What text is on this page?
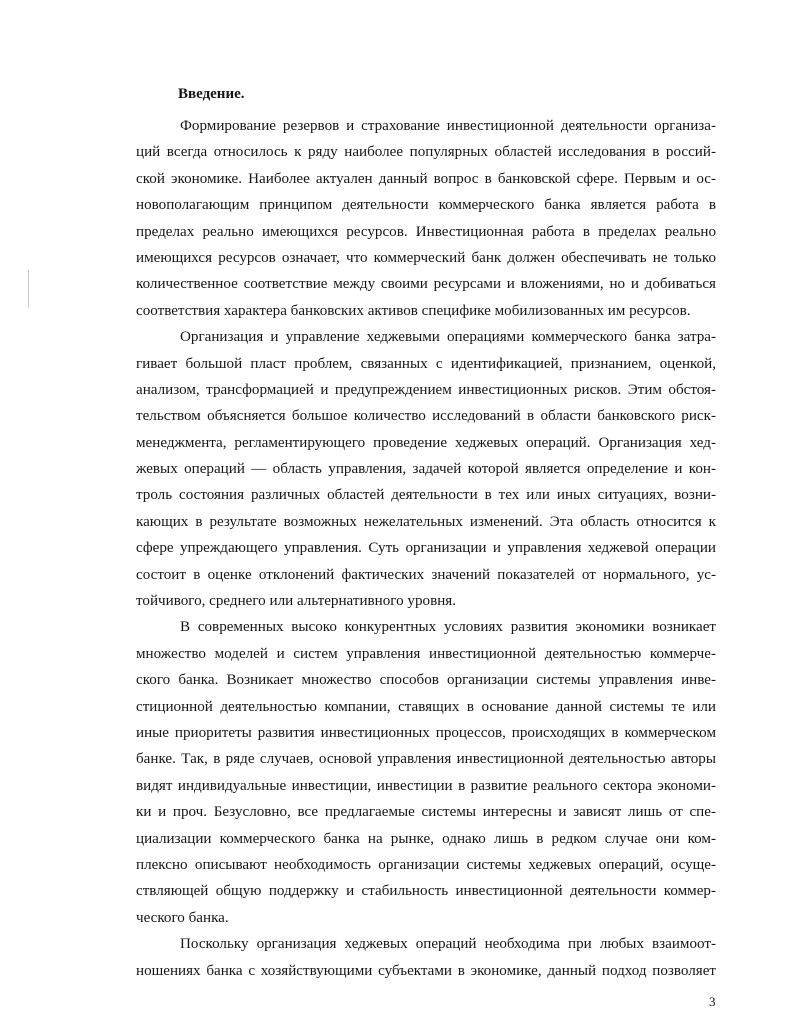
Введение.
Формирование резервов и страхование инвестиционной деятельности организа-
ций всегда относилось к ряду наиболее популярных областей исследования в россий-
ской экономике. Наиболее актуален данный вопрос в банковской сфере. Первым и ос-
новополагающим принципом деятельности коммерческого банка является работа в
пределах реально имеющихся ресурсов. Инвестиционная работа в пределах реально
имеющихся ресурсов означает, что коммерческий банк должен обеспечивать не только
количественное соответствие между своими ресурсами и вложениями, но и добиваться
соответствия характера банковских активов специфике мобилизованных им ресурсов.
Организация и управление хеджевыми операциями коммерческого банка затра-
гивает большой пласт проблем, связанных с идентификацией, признанием, оценкой,
анализом, трансформацией и предупреждением инвестиционных рисков. Этим обстоя-
тельством объясняется большое количество исследований в области банковского риск-
менеджмента, регламентирующего проведение хеджевых операций. Организация хед-
жевых операций — область управления, задачей которой является определение и кон-
троль состояния различных областей деятельности в тех или иных ситуациях, возни-
кающих в результате возможных нежелательных изменений. Эта область относится к
сфере упреждающего управления. Суть организации и управления хеджевой операции
состоит в оценке отклонений фактических значений показателей от нормального, ус-
тойчивого, среднего или альтернативного уровня.
В современных высоко конкурентных условиях развития экономики возникает
множество моделей и систем управления инвестиционной деятельностью коммерче-
ского банка. Возникает множество способов организации системы управления инве-
стиционной деятельностью компании, ставящих в основание данной системы те или
иные приоритеты развития инвестиционных процессов, происходящих в коммерческом
банке. Так, в ряде случаев, основой управления инвестиционной деятельностью авторы
видят индивидуальные инвестиции, инвестиции в развитие реального сектора экономи-
ки и проч. Безусловно, все предлагаемые системы интересны и зависят лишь от спе-
циализации коммерческого банка на рынке, однако лишь в редком случае они ком-
плексно описывают необходимость организации системы хеджевых операций, осуще-
ствляющей общую поддержку и стабильность инвестиционной деятельности коммер-
ческого банка.
Поскольку организация хеджевых операций необходима при любых взаимоот-
ношениях банка с хозяйствующими субъектами в экономике, данный подход позволяет
3
